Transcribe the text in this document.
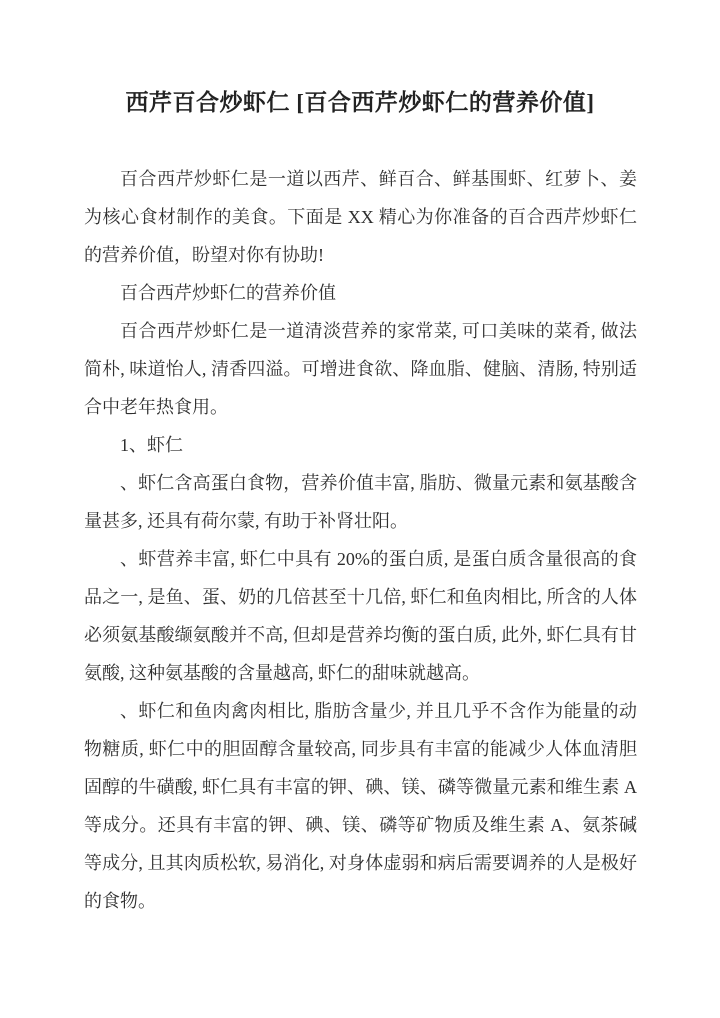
西芹百合炒虾仁 [百合西芹炒虾仁的营养价值]

百合西芹炒虾仁是一道以西芹、鲜百合、鲜基围虾、红萝卜、姜为核心食材制作的美食。下面是 XX 精心为你准备的百合西芹炒虾仁的营养价值，盼望对你有协助!

百合西芹炒虾仁的营养价值

百合西芹炒虾仁是一道清淡营养的家常菜, 可口美味的菜肴, 做法简朴, 味道怡人, 清香四溢。可增进食欲、降血脂、健脑、清肠, 特别适合中老年热食用。

1、虾仁

、虾仁含高蛋白食物，营养价值丰富, 脂肪、微量元素和氨基酸含量甚多, 还具有荷尔蒙, 有助于补肾壮阳。

、虾营养丰富, 虾仁中具有 20%的蛋白质, 是蛋白质含量很高的食品之一, 是鱼、蛋、奶的几倍甚至十几倍, 虾仁和鱼肉相比, 所含的人体必须氨基酸缬氨酸并不高, 但却是营养均衡的蛋白质, 此外, 虾仁具有甘氨酸, 这种氨基酸的含量越高, 虾仁的甜味就越高。

、虾仁和鱼肉禽肉相比, 脂肪含量少, 并且几乎不含作为能量的动物糖质, 虾仁中的胆固醇含量较高, 同步具有丰富的能减少人体血清胆固醇的牛磺酸, 虾仁具有丰富的钾、碘、镁、磷等微量元素和维生素 A 等成分。还具有丰富的钾、碘、镁、磷等矿物质及维生素 A、氨茶碱等成分, 且其肉质松软, 易消化, 对身体虚弱和病后需要调养的人是极好的食物。
